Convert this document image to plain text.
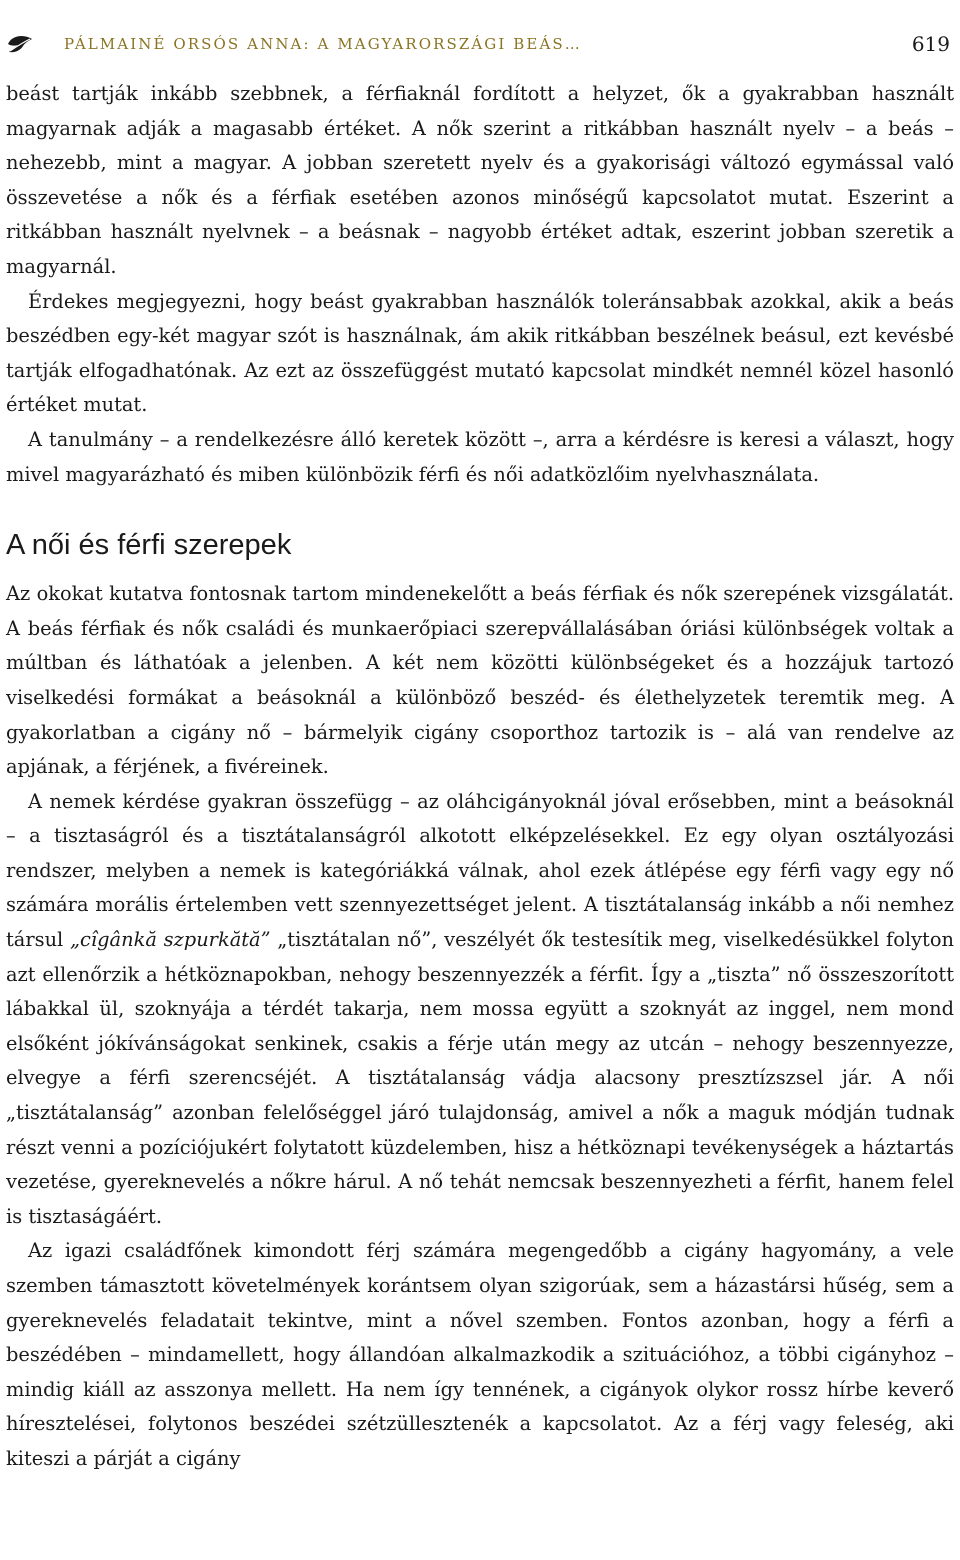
PÁLMAINÉ ORSÓS ANNA: A MAGYARORSZÁGI BEÁS…	619

beást tartják inkább szebbnek, a férfiaknál fordított a helyzet, ők a gyakrabban használt magyarnak adják a magasabb értéket. A nők szerint a ritkábban használt nyelv – a beás – nehezebb, mint a magyar. A jobban szeretett nyelv és a gyakorisági változó egymással való összevetése a nők és a férfiak esetében azonos minőségű kapcsolatot mutat. Eszerint a ritkábban használt nyelvnek – a beásnak – nagyobb értéket adtak, eszerint jobban szeretik a magyarnál.

Érdekes megjegyezni, hogy beást gyakrabban használók toleránsabbak azokkal, akik a beás beszédben egy-két magyar szót is használnak, ám akik ritkábban beszélnek beásul, ezt kevésbé tartják elfogadhatónak. Az ezt az összefüggést mutató kapcsolat mindkét nemnél közel hasonló értéket mutat.

A tanulmány – a rendelkezésre álló keretek között –, arra a kérdésre is keresi a választ, hogy mivel magyarázható és miben különbözik férfi és női adatközlőim nyelvhasználata.

A női és férfi szerepek

Az okokat kutatva fontosnak tartom mindenekelőtt a beás férfiak és nők szerepének vizsgálatát. A beás férfiak és nők családi és munkaerőpiaci szerepvállalásában óriási különbségek voltak a múltban és láthatóak a jelenben. A két nem közötti különbségeket és a hozzájuk tartozó viselkedési formákat a beásoknál a különböző beszéd- és élethelyzetek teremtik meg. A gyakorlatban a cigány nő – bármelyik cigány csoporthoz tartozik is – alá van rendelve az apjának, a férjének, a fivéreinek.

A nemek kérdése gyakran összefügg – az oláhcigányoknál jóval erősebben, mint a beásoknál – a tisztaságról és a tisztátalanságról alkotott elképzelésekkel. Ez egy olyan osztályozási rendszer, melyben a nemek is kategóriákká válnak, ahol ezek átlépése egy férfi vagy egy nő számára morális értelemben vett szennyezettséget jelent. A tisztátalanság inkább a női nemhez társul „cîgânkă szpurkătă” „tisztátalan nő”, veszélyét ők testesítik meg, viselkedésükkel folyton azt ellenőrzik a hétköznapokban, nehogy beszennyezzék a férfit. Így a „tiszta” nő összeszorított lábakkal ül, szoknyája a térdét takarja, nem mossa együtt a szoknyát az inggel, nem mond elsőként jókívánságokat senkinek, csakis a férje után megy az utcán – nehogy beszennyezze, elvegye a férfi szerencséjét. A tisztátalanság vádja alacsony presztízszsel jár. A női „tisztátalanság” azonban felelőséggel járó tulajdonság, amivel a nők a maguk módján tudnak részt venni a pozíciójukért folytatott küzdelemben, hisz a hétköznapi tevékenységek a háztartás vezetése, gyereknevelés a nőkre hárul. A nő tehát nemcsak beszennyezheti a férfit, hanem felel is tisztaságáért.

Az igazi családfőnek kimondott férj számára megengedőbb a cigány hagyomány, a vele szemben támasztott követelmények korántsem olyan szigorúak, sem a házastársi hűség, sem a gyereknevelés feladatait tekintve, mint a nővel szemben. Fontos azonban, hogy a férfi a beszédében – mindamellett, hogy állandóan alkalmazkodik a szituációhoz, a többi cigányhoz – mindig kiáll az asszonya mellett. Ha nem így tennének, a cigányok olykor rossz hírbe keverő híresztelései, folytonos beszédei szétzüllesztenék a kapcsolatot. Az a férj vagy feleség, aki kiteszi a párját a cigány
